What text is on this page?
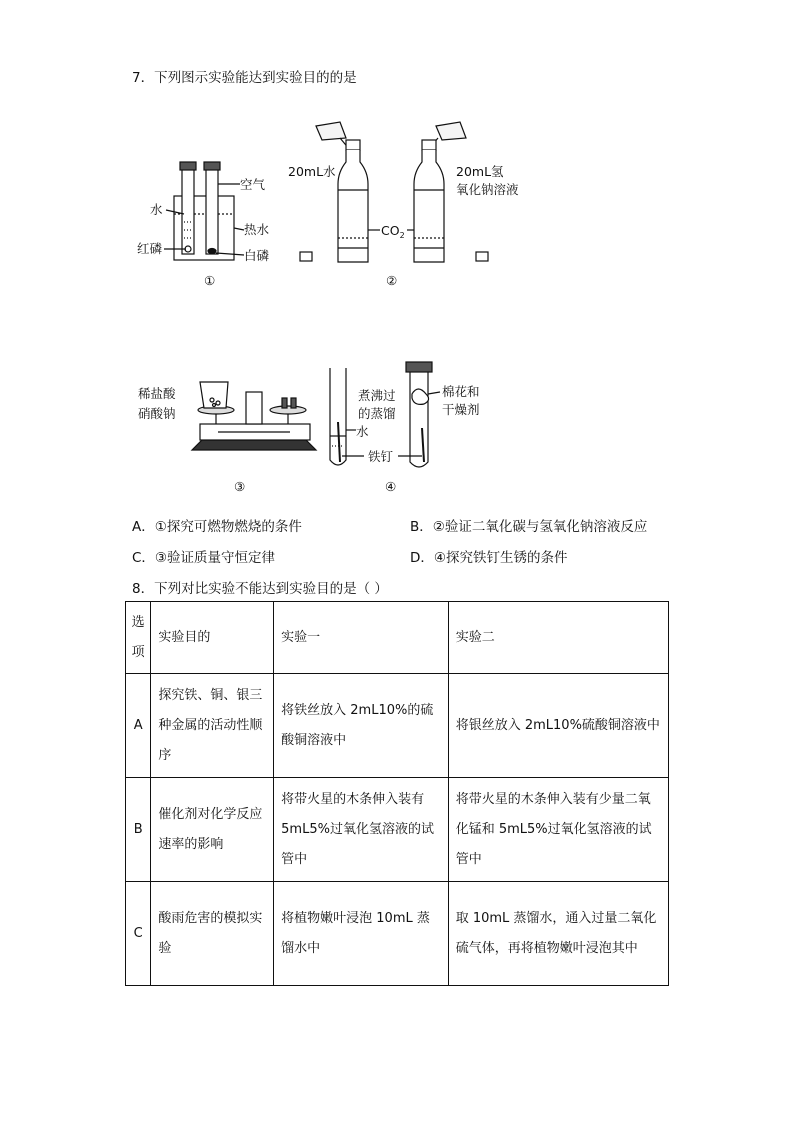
7．下列图示实验能达到实验目的的是
空气
水
热水
红磷	白磷
①
20mL水	20mL氢
氧化钠溶液
$CO_2$
②
稀盐酸
硝酸钠
③
煮沸过
的蒸馏
水
铁钉
棉花和
干燥剂
④
A．①探究可燃物燃烧的条件	B．②验证二氧化碳与氢氧化钠溶液反应
C．③验证质量守恒定律	D．④探究铁钉生锈的条件
8．下列对比实验不能达到实验目的是（ ）
选项	实验目的	实验一	实验二
A	探究铁、铜、银三种金属的活动性顺序	将铁丝放入 2mL10%的硫酸铜溶液中	将银丝放入 2mL10%硫酸铜溶液中
B	催化剂对化学反应速率的影响	将带火星的木条伸入装有5mL5%过氧化氢溶液的试管中	将带火星的木条伸入装有少量二氧化锰和 5mL5%过氧化氢溶液的试管中
C	酸雨危害的模拟实验	将植物嫩叶浸泡 10mL 蒸馏水中	取 10mL 蒸馏水，通入过量二氧化硫气体，再将植物嫩叶浸泡其中
